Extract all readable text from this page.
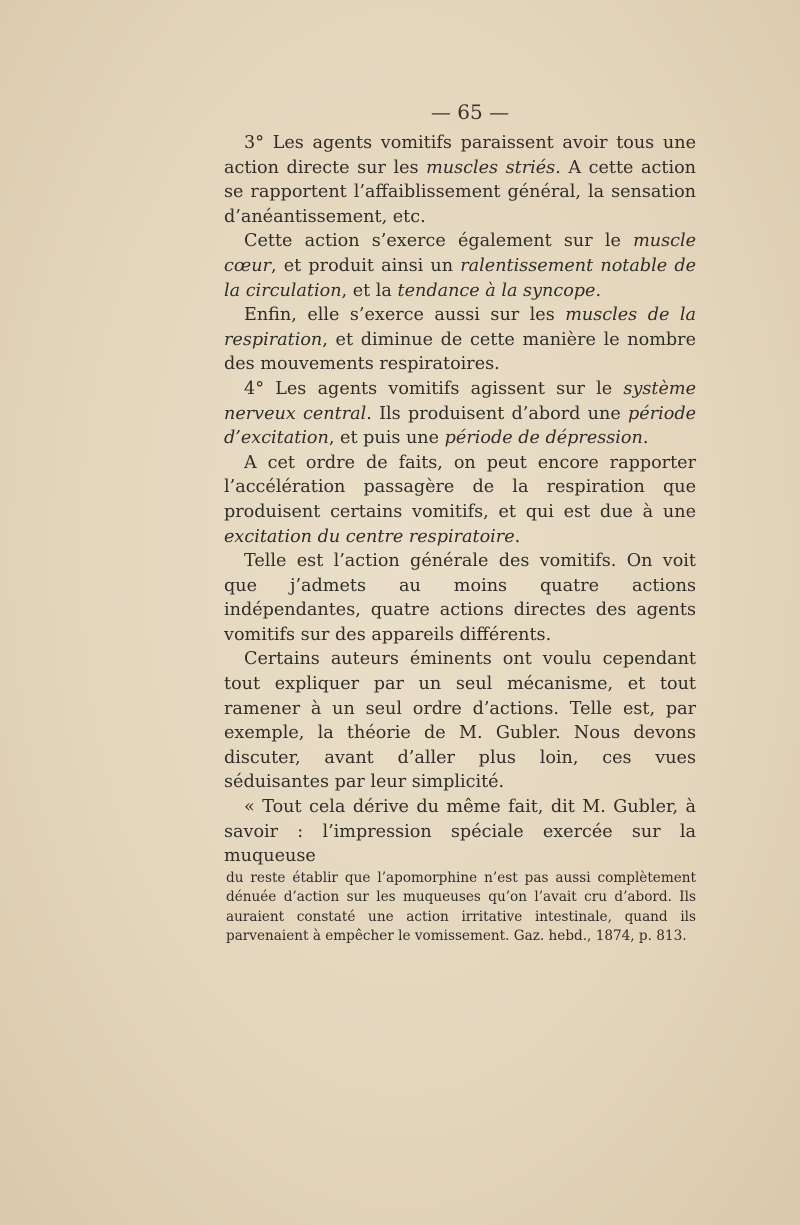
— 65 —

3° Les agents vomitifs paraissent avoir tous une action directe sur les muscles striés. A cette action se rapportent l’affaiblissement général, la sensation d’anéantissement, etc.

Cette action s’exerce également sur le muscle cœur, et produit ainsi un ralentissement notable de la circulation, et la tendance à la syncope.

Enfin, elle s’exerce aussi sur les muscles de la respiration, et diminue de cette manière le nombre des mouvements respiratoires.

4° Les agents vomitifs agissent sur le système nerveux central. Ils produisent d’abord une période d’excitation, et puis une période de dépression.

A cet ordre de faits, on peut encore rapporter l’accélération passagère de la respiration que produisent certains vomitifs, et qui est due à une excitation du centre respiratoire.

Telle est l’action générale des vomitifs. On voit que j’admets au moins quatre actions indépendantes, quatre actions directes des agents vomitifs sur des appareils différents.

Certains auteurs éminents ont voulu cependant tout expliquer par un seul mécanisme, et tout ramener à un seul ordre d’actions. Telle est, par exemple, la théorie de M. Gubler. Nous devons discuter, avant d’aller plus loin, ces vues séduisantes par leur simplicité.

« Tout cela dérive du même fait, dit M. Gubler, à savoir : l’impression spéciale exercée sur la muqueuse

du reste établir que l’apomorphine n’est pas aussi complètement dénuée d’action sur les muqueuses qu’on l’avait cru d’abord. Ils auraient constaté une action irritative intestinale, quand ils parvenaient à empêcher le vomissement. Gaz. hebd., 1874, p. 813.
